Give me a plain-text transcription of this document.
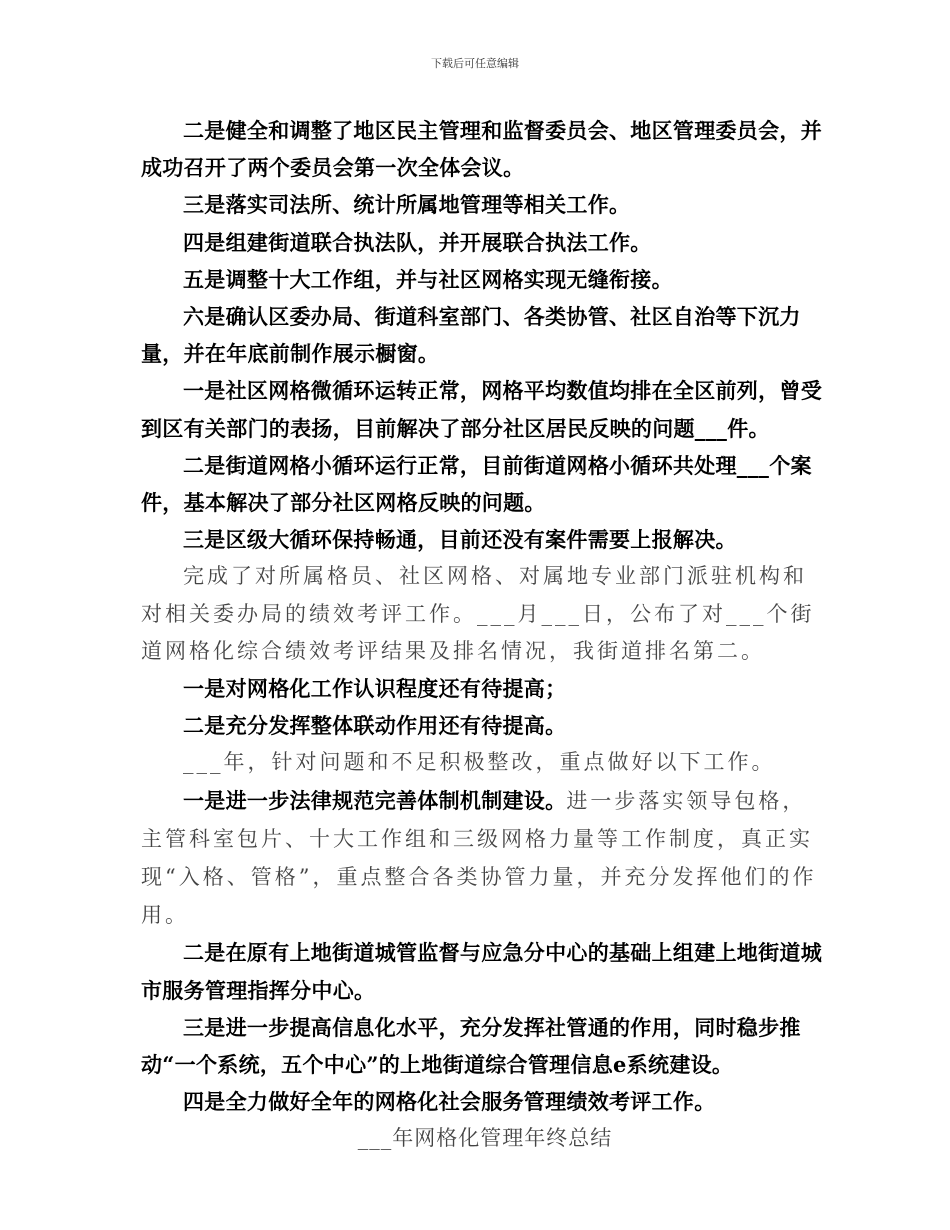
下载后可任意编辑

二是健全和调整了地区民主管理和监督委员会、地区管理委员会，并成功召开了两个委员会第一次全体会议。

三是落实司法所、统计所属地管理等相关工作。

四是组建街道联合执法队，并开展联合执法工作。

五是调整十大工作组，并与社区网格实现无缝衔接。

六是确认区委办局、街道科室部门、各类协管、社区自治等下沉力量，并在年底前制作展示橱窗。

一是社区网格微循环运转正常，网格平均数值均排在全区前列，曾受到区有关部门的表扬，目前解决了部分社区居民反映的问题___件。

二是街道网格小循环运行正常，目前街道网格小循环共处理___个案件，基本解决了部分社区网格反映的问题。

三是区级大循环保持畅通，目前还没有案件需要上报解决。

完成了对所属格员、社区网格、对属地专业部门派驻机构和对相关委办局的绩效考评工作。___月___日，公布了对___个街道网格化综合绩效考评结果及排名情况，我街道排名第二。

一是对网格化工作认识程度还有待提高；

二是充分发挥整体联动作用还有待提高。

___年，针对问题和不足积极整改，重点做好以下工作。

一是进一步法律规范完善体制机制建设。进一步落实领导包格，主管科室包片、十大工作组和三级网格力量等工作制度，真正实现“入格、管格”，重点整合各类协管力量，并充分发挥他们的作用。

二是在原有上地街道城管监督与应急分中心的基础上组建上地街道城市服务管理指挥分中心。

三是进一步提高信息化水平，充分发挥社管通的作用，同时稳步推动“一个系统，五个中心”的上地街道综合管理信息e系统建设。

四是全力做好全年的网格化社会服务管理绩效考评工作。

___年网格化管理年终总结
